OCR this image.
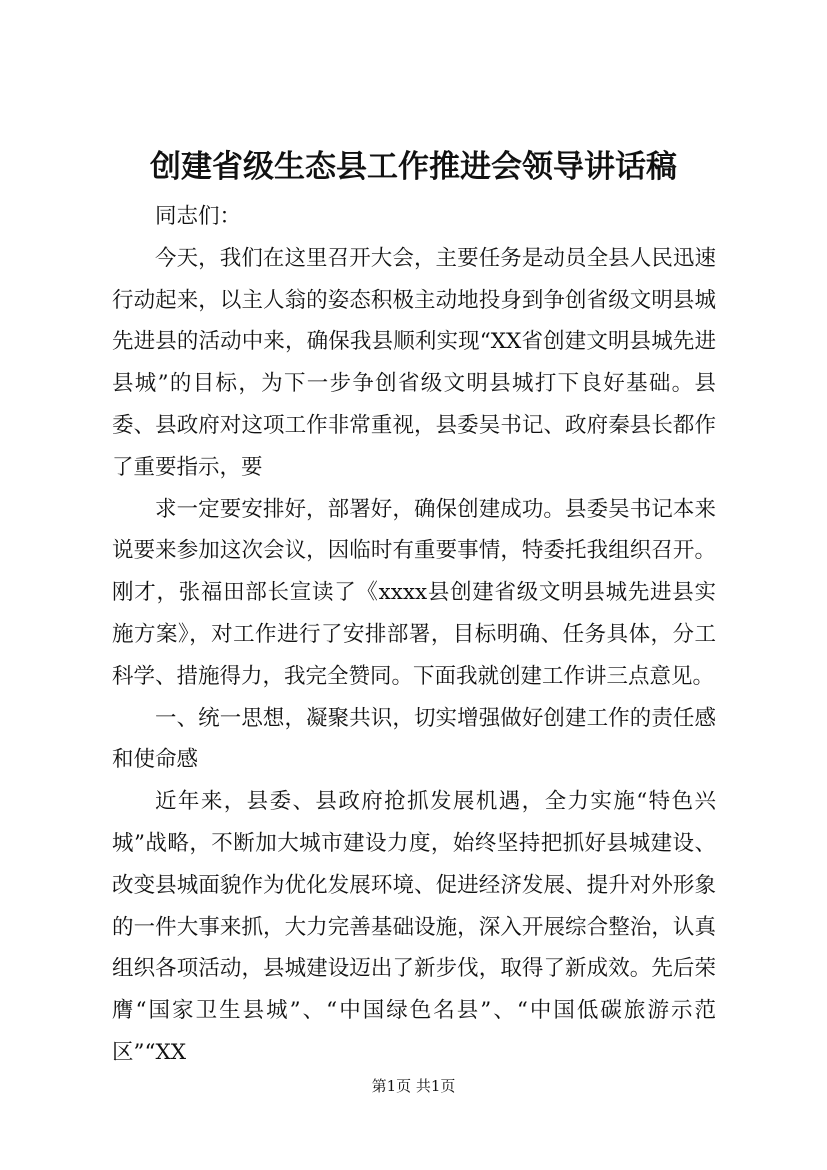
创建省级生态县工作推进会领导讲话稿

同志们：

今天，我们在这里召开大会，主要任务是动员全县人民迅速行动起来，以主人翁的姿态积极主动地投身到争创省级文明县城先进县的活动中来，确保我县顺利实现“XX省创建文明县城先进县城”的目标，为下一步争创省级文明县城打下良好基础。县委、县政府对这项工作非常重视，县委吴书记、政府秦县长都作了重要指示，要

求一定要安排好，部署好，确保创建成功。县委吴书记本来说要来参加这次会议，因临时有重要事情，特委托我组织召开。刚才，张福田部长宣读了《xxxx县创建省级文明县城先进县实施方案》，对工作进行了安排部署，目标明确、任务具体，分工科学、措施得力，我完全赞同。下面我就创建工作讲三点意见。

一、统一思想，凝聚共识，切实增强做好创建工作的责任感和使命感

近年来，县委、县政府抢抓发展机遇，全力实施“特色兴城”战略，不断加大城市建设力度，始终坚持把抓好县城建设、改变县城面貌作为优化发展环境、促进经济发展、提升对外形象的一件大事来抓，大力完善基础设施，深入开展综合整治，认真组织各项活动，县城建设迈出了新步伐，取得了新成效。先后荣膺“国家卫生县城”、“中国绿色名县”、“中国低碳旅游示范区”“XX

第1页 共1页
